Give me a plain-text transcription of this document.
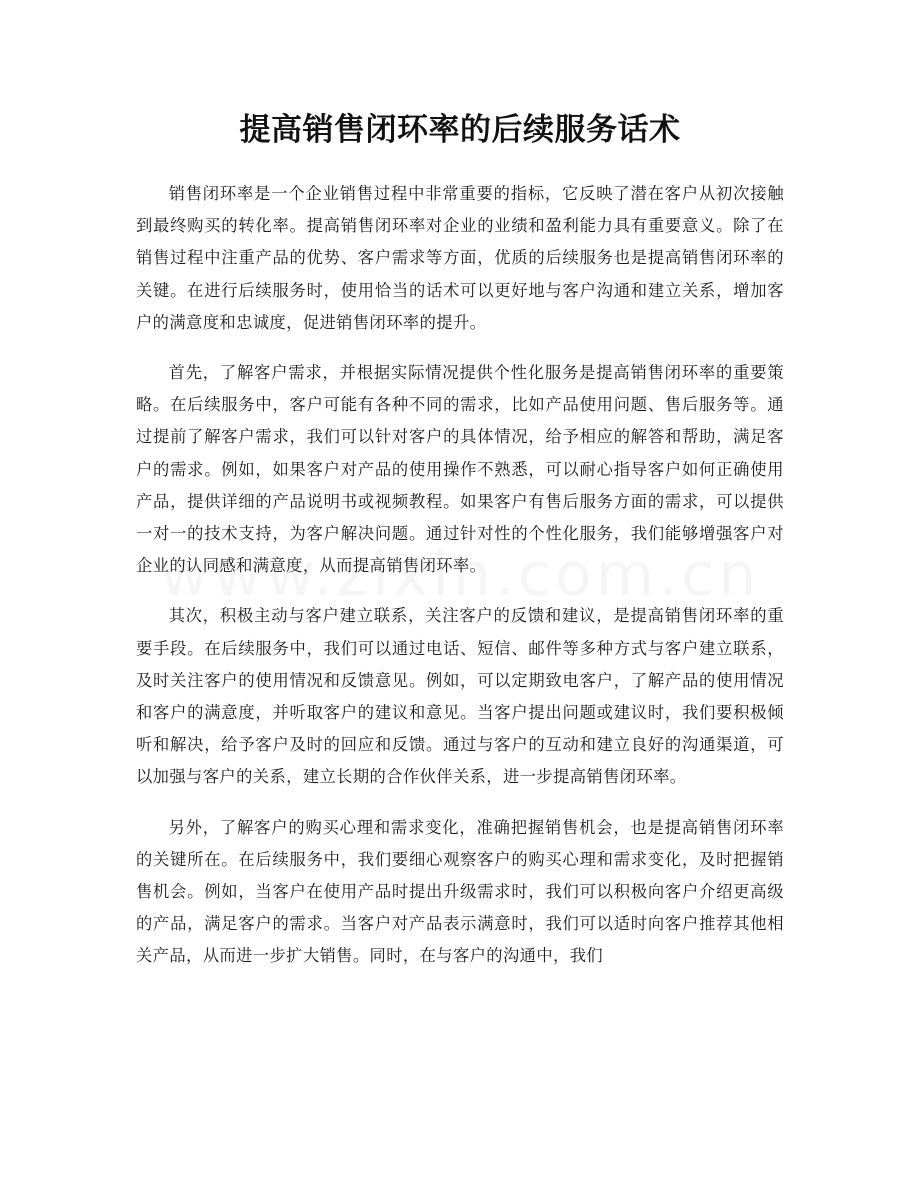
提高销售闭环率的后续服务话术

销售闭环率是一个企业销售过程中非常重要的指标，它反映了潜在客户从初次接触到最终购买的转化率。提高销售闭环率对企业的业绩和盈利能力具有重要意义。除了在销售过程中注重产品的优势、客户需求等方面，优质的后续服务也是提高销售闭环率的关键。在进行后续服务时，使用恰当的话术可以更好地与客户沟通和建立关系，增加客户的满意度和忠诚度，促进销售闭环率的提升。

首先，了解客户需求，并根据实际情况提供个性化服务是提高销售闭环率的重要策略。在后续服务中，客户可能有各种不同的需求，比如产品使用问题、售后服务等。通过提前了解客户需求，我们可以针对客户的具体情况，给予相应的解答和帮助，满足客户的需求。例如，如果客户对产品的使用操作不熟悉，可以耐心指导客户如何正确使用产品，提供详细的产品说明书或视频教程。如果客户有售后服务方面的需求，可以提供一对一的技术支持，为客户解决问题。通过针对性的个性化服务，我们能够增强客户对企业的认同感和满意度，从而提高销售闭环率。

其次，积极主动与客户建立联系，关注客户的反馈和建议，是提高销售闭环率的重要手段。在后续服务中，我们可以通过电话、短信、邮件等多种方式与客户建立联系，及时关注客户的使用情况和反馈意见。例如，可以定期致电客户，了解产品的使用情况和客户的满意度，并听取客户的建议和意见。当客户提出问题或建议时，我们要积极倾听和解决，给予客户及时的回应和反馈。通过与客户的互动和建立良好的沟通渠道，可以加强与客户的关系，建立长期的合作伙伴关系，进一步提高销售闭环率。

另外，了解客户的购买心理和需求变化，准确把握销售机会，也是提高销售闭环率的关键所在。在后续服务中，我们要细心观察客户的购买心理和需求变化，及时把握销售机会。例如，当客户在使用产品时提出升级需求时，我们可以积极向客户介绍更高级的产品，满足客户的需求。当客户对产品表示满意时，我们可以适时向客户推荐其他相关产品，从而进一步扩大销售。同时，在与客户的沟通中，我们
